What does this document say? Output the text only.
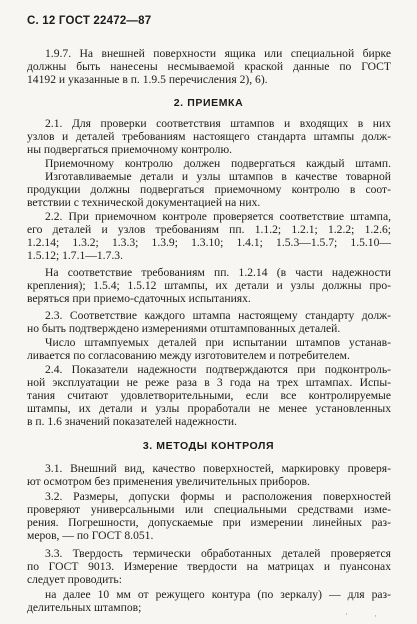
С. 12 ГОСТ 22472—87
1.9.7. На внешней поверхности ящика или специальной бирке
должны быть нанесены несмываемой краской данные по ГОСТ
14192 и указанные в п. 1.9.5 перечисления 2), 6).
2. ПРИЕМКА
2.1. Для проверки соответствия штампов и входящих в них
узлов и деталей требованиям настоящего стандарта штампы долж-
ны подвергаться приемочному контролю.
Приемочному контролю должен подвергаться каждый штамп.
Изготавливаемые детали и узлы штампов в качестве товарной
продукции должны подвергаться приемочному контролю в соот-
ветствии с технической документацией на них.
2.2. При приемочном контроле проверяется соответствие штампа,
его деталей и узлов требованиям пп. 1.1.2; 1.2.1; 1.2.2; 1.2.6;
1.2.14; 1.3.2; 1.3.3; 1.3.9; 1.3.10; 1.4.1; 1.5.3—1.5.7; 1.5.10—
1.5.12; 1.7.1—1.7.3.
На соответствие требованиям пп. 1.2.14 (в части надежности
крепления); 1.5.4; 1.5.12 штампы, их детали и узлы должны про-
веряться при приемо-сдаточных испытаниях.
2.3. Соответствие каждого штампа настоящему стандарту долж-
но быть подтверждено измерениями отштампованных деталей.
Число штампуемых деталей при испытании штампов устанав-
ливается по согласованию между изготовителем и потребителем.
2.4. Показатели надежности подтверждаются при подконтроль-
ной эксплуатации не реже раза в 3 года на трех штампах. Испы-
тания считают удовлетворительными, если все контролируемые
штампы, их детали и узлы проработали не менее установленных
в п. 1.6 значений показателей надежности.
3. МЕТОДЫ КОНТРОЛЯ
3.1. Внешний вид, качество поверхностей, маркировку проверя-
ют осмотром без применения увеличительных приборов.
3.2. Размеры, допуски формы и расположения поверхностей
проверяют универсальными или специальными средствами изме-
рения. Погрешности, допускаемые при измерении линейных раз-
меров, — по ГОСТ 8.051.
3.3. Твердость термически обработанных деталей проверяется
по ГОСТ 9013. Измерение твердости на матрицах и пуансонах
следует проводить:
на далее 10 мм от режущего контура (по зеркалу) — для раз-
делительных штампов;	·	·
